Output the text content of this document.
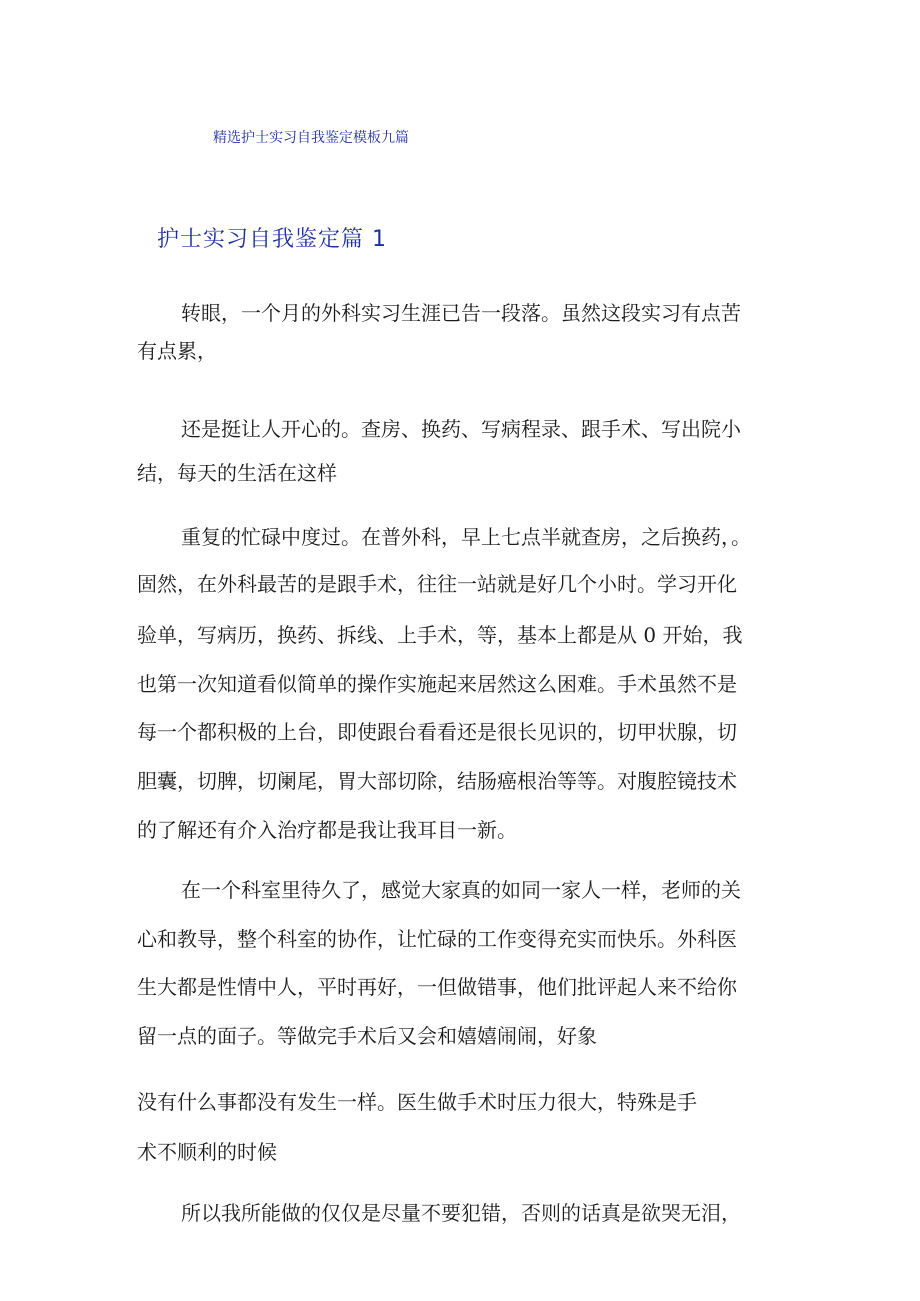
精选护士实习自我鉴定模板九篇
护士实习自我鉴定篇 1
转眼，一个月的外科实习生涯已告一段落。虽然这段实习有点苦
有点累，
还是挺让人开心的。查房、换药、写病程录、跟手术、写出院小
结，每天的生活在这样
重复的忙碌中度过。在普外科，早上七点半就查房，之后换药，。
固然，在外科最苦的是跟手术，往往一站就是好几个小时。学习开化
验单，写病历，换药、拆线、上手术，等，基本上都是从 0 开始，我
也第一次知道看似简单的操作实施起来居然这么困难。手术虽然不是
每一个都积极的上台，即使跟台看看还是很长见识的，切甲状腺，切
胆囊，切脾，切阑尾，胃大部切除，结肠癌根治等等。对腹腔镜技术
的了解还有介入治疗都是我让我耳目一新。
在一个科室里待久了，感觉大家真的如同一家人一样，老师的关
心和教导，整个科室的协作，让忙碌的工作变得充实而快乐。外科医
生大都是性情中人，平时再好，一但做错事，他们批评起人来不给你
留一点的面子。等做完手术后又会和嬉嬉闹闹，好象
没有什么事都没有发生一样。医生做手术时压力很大，特殊是手
术不顺利的时候
所以我所能做的仅仅是尽量不要犯错，否则的话真是欲哭无泪，
